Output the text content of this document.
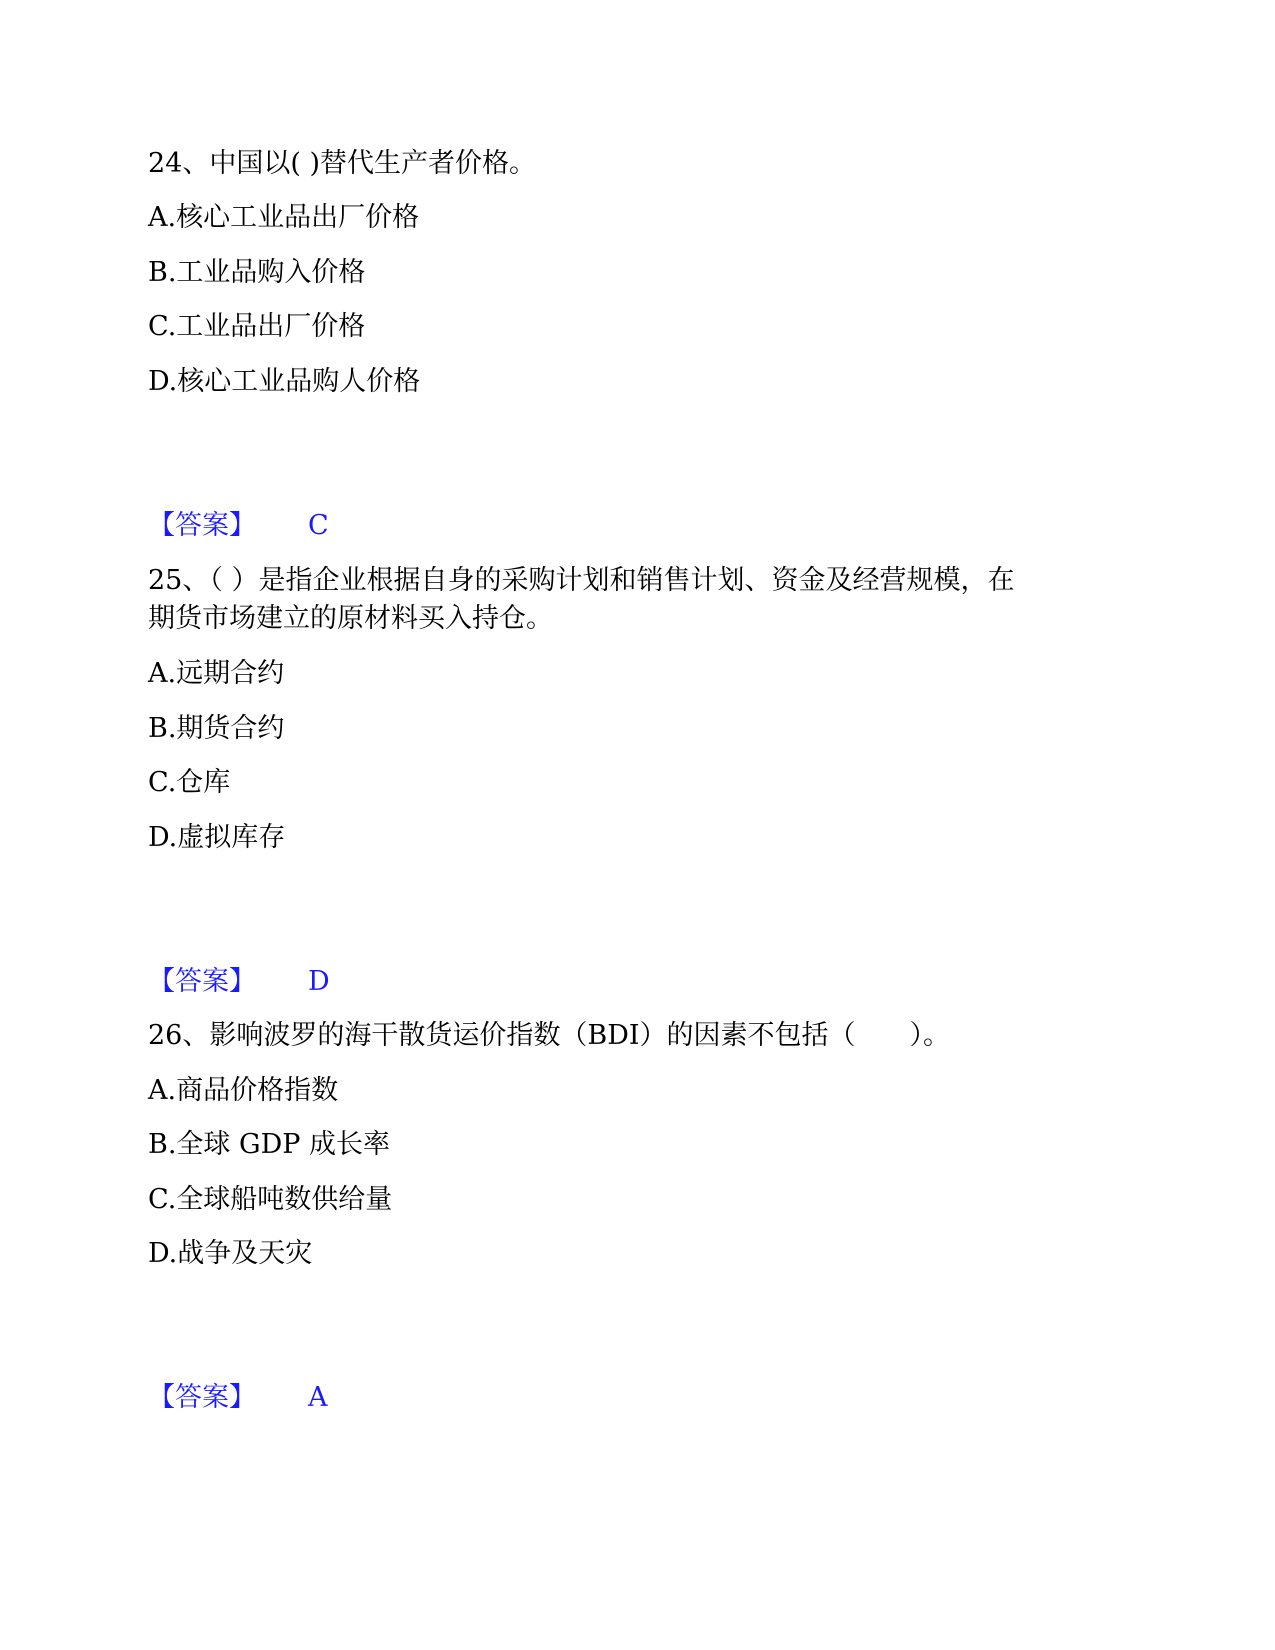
24、中国以( )替代生产者价格。
A.核心工业品出厂价格
B.工业品购入价格
C.工业品出厂价格
D.核心工业品购人价格
【答案】 C
25、（ ）是指企业根据自身的采购计划和销售计划、资金及经营规模，在
期货市场建立的原材料买入持仓。
A.远期合约
B.期货合约
C.仓库
D.虚拟库存
【答案】 D
26、影响波罗的海干散货运价指数（BDI）的因素不包括（　　）。
A.商品价格指数
B.全球 GDP 成长率
C.全球船吨数供给量
D.战争及天灾
【答案】 A
